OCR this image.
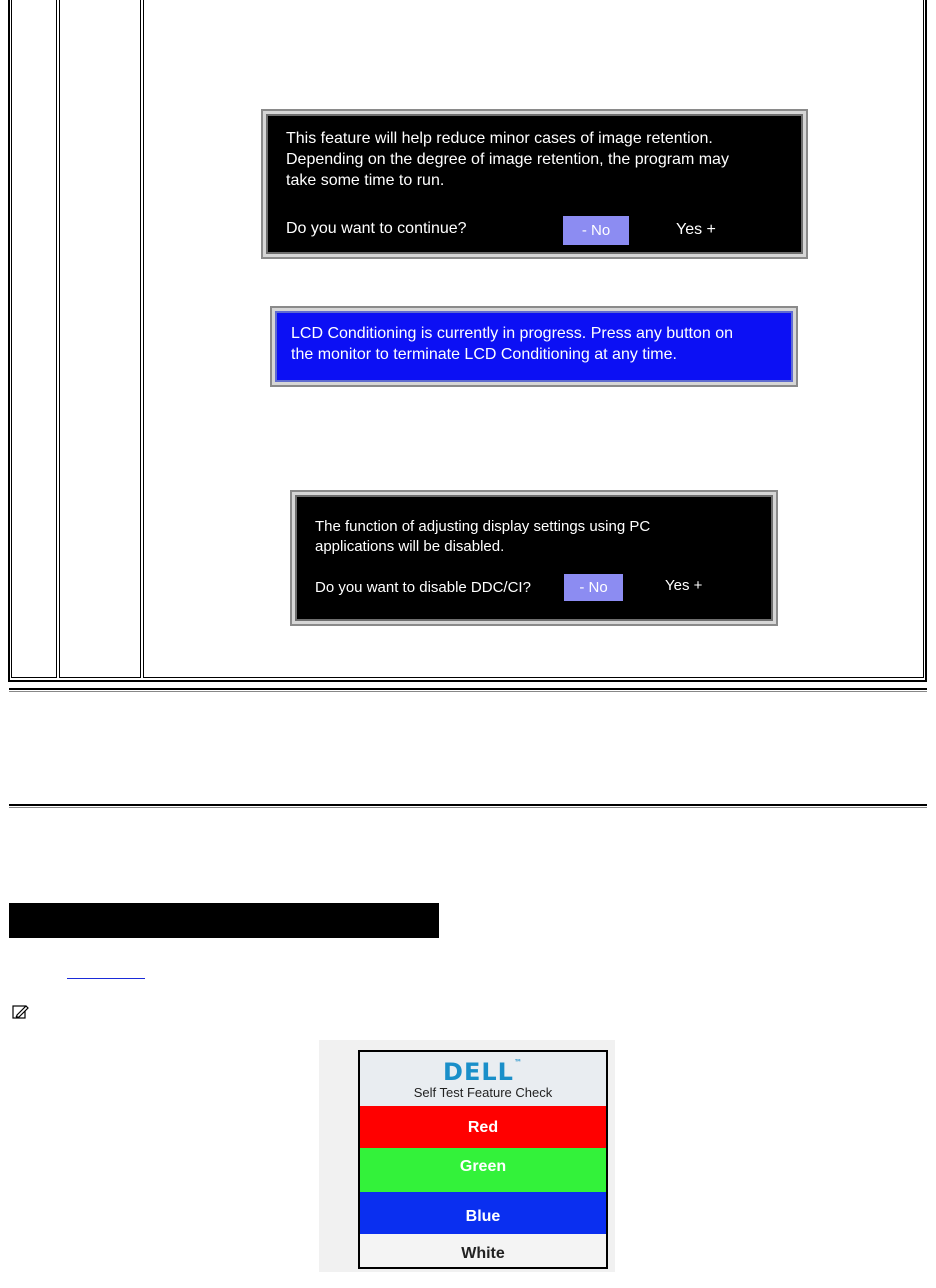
This feature will help reduce minor cases of image retention.
Depending on the degree of image retention, the program may
take some time to run.
Do you want to continue?	- No	Yes +
LCD Conditioning is currently in progress. Press any button on
the monitor to terminate LCD Conditioning at any time.
The function of adjusting display settings using PC
applications will be disabled.
Do you want to disable DDC/CI?	- No	Yes +
DELL™
Self Test Feature Check
Red
Green
Blue
White
